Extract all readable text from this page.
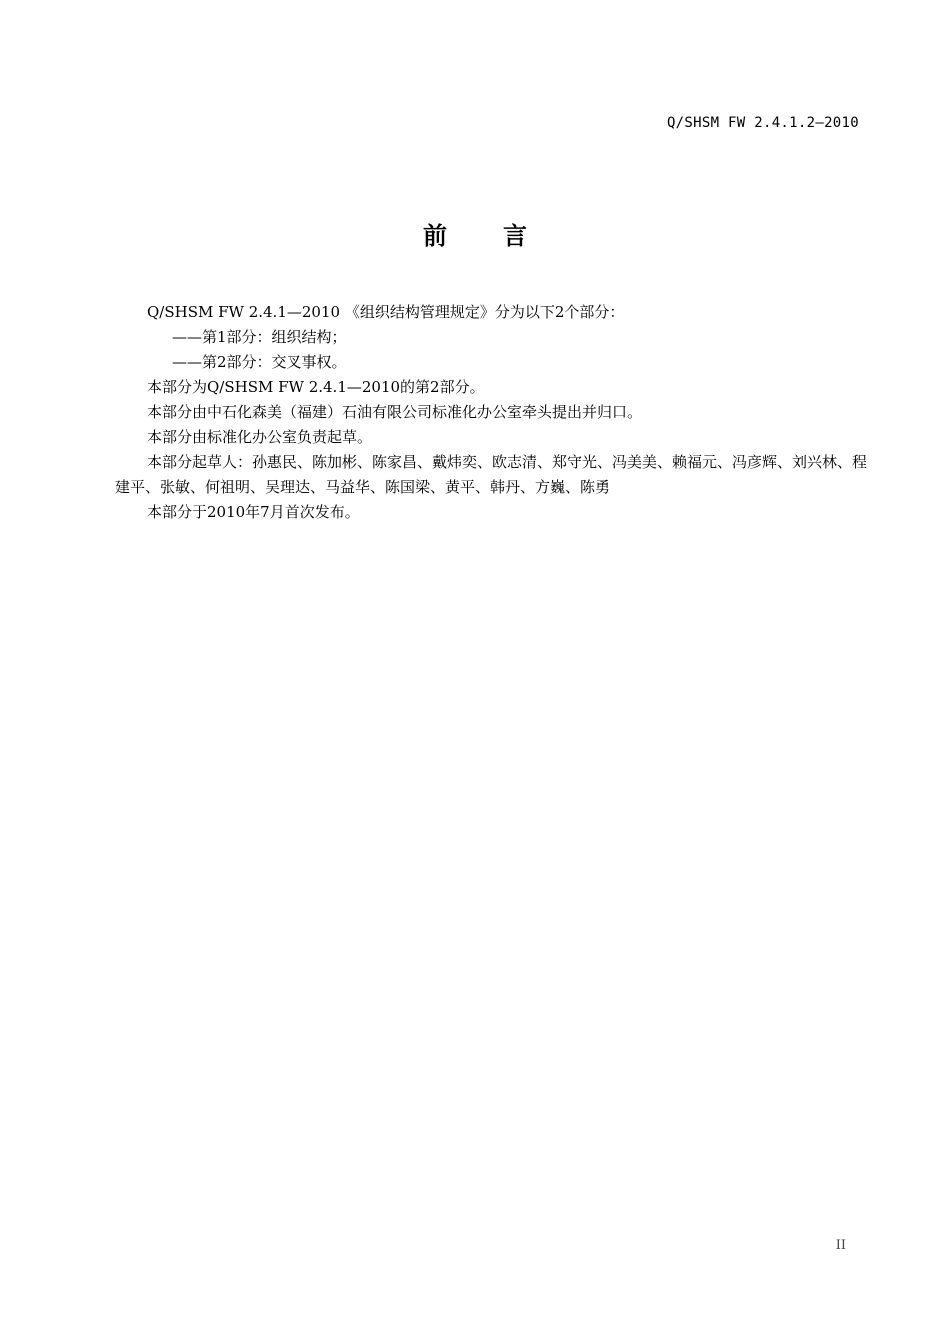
Q/SHSM FW 2.4.1.2—2010
前言

Q/SHSM FW 2.4.1—2010 《组织结构管理规定》分为以下2个部分：

——第1部分：组织结构；

——第2部分：交叉事权。

本部分为Q/SHSM FW 2.4.1—2010的第2部分。

本部分由中石化森美（福建）石油有限公司标准化办公室牵头提出并归口。

本部分由标准化办公室负责起草。

本部分起草人：孙惠民、陈加彬、陈家昌、戴炜奕、欧志清、郑守光、冯美美、赖福元、冯彦辉、刘兴林、程建平、张敏、何祖明、吴理达、马益华、陈国梁、黄平、韩丹、方巍、陈勇

本部分于2010年7月首次发布。

II
